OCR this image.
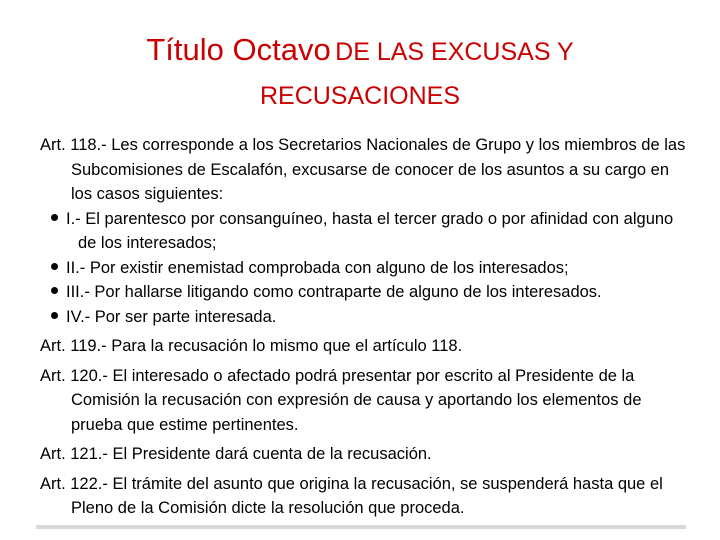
Título Octavo DE LAS EXCUSAS Y
RECUSACIONES

Art. 118.- Les corresponde a los Secretarios Nacionales de Grupo y los miembros de las Subcomisiones de Escalafón, excusarse de conocer de los asuntos a su cargo en los casos siguientes:

I.- El parentesco por consanguíneo, hasta el tercer grado o por afinidad con alguno de los interesados;
II.- Por existir enemistad comprobada con alguno de los interesados;
III.- Por hallarse litigando como contraparte de alguno de los interesados.
IV.- Por ser parte interesada.

Art. 119.- Para la recusación lo mismo que el artículo 118.

Art. 120.- El interesado o afectado podrá presentar por escrito al Presidente de la Comisión la recusación con expresión de causa y aportando los elementos de prueba que estime pertinentes.

Art. 121.- El Presidente dará cuenta de la recusación.

Art. 122.- El trámite del asunto que origina la recusación, se suspenderá hasta que el Pleno de la Comisión dicte la resolución que proceda.
